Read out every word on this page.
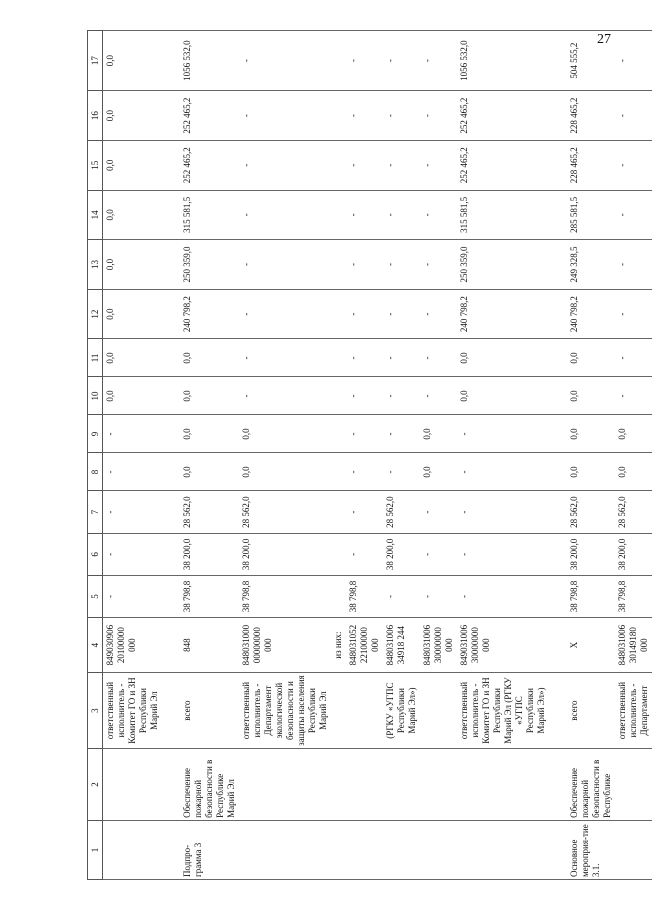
27
1	2	3	4	5	6	7	8	9	10	11	12	13	14	15	16	17
		ответственный исполнитель - Комитет ГО и ЗН Республики Марий Эл	849030906 20100000 000	-	-	-	-	-	0,0	0,0	0,0	0,0	0,0	0,0	0,0	0,0

Подпро-грамма 3	Обеспечение пожарной безопасности в Республике Марий Эл	всего	848	38 798,8	38 200,0	28 562,0	0,0	0,0	0,0	0,0	240 798,2	250 359,0	315 581,5	252 465,2	252 465,2	1056 532,0
		ответственный исполнитель - Департамент экологической безопасности и защиты населения Республики Марий Эл	848031000 00000000 000	38 798,8	38 200,0	28 562,0	0,0	0,0	-	-	-	-	-	-	-	-
			из них:													
			848031052 22100000 000	38 798,8	-	-	-	-	-	-	-	-	-	-	-	-
		(РГКУ «УГПС Республики Марий Эл»)	848031006 34918 244	-	38 200,0	28 562,0	-	-	-	-	-	-	-	-	-	-
			848031006 30000000 000	-	-	-	0,0	0,0	-	-	-	-	-	-	-	-
		ответственный исполнитель - Комитет ГО и ЗН Республики Марий Эл (РГКУ «УГПС Республики Марий Эл»)	849031006 30000000 000	-	-	-	-	-	0,0	0,0	240 798,2	250 359,0	315 581,5	252 465,2	252 465,2	1056 532,0

Основное мероприя-тие 3.1.	Обеспечение пожарной безопасности в Республике	всего	X	38 798,8	38 200,0	28 562,0	0,0	0,0	0,0	0,0	240 798,2	249 328,5	285 581,5	228 465,2	228 465,2	504 555,2
		ответственный исполнитель - Департамент	848031006 30149180 000	38 798,8	38 200,0	28 562,0	0,0	0,0	-	-	-	-	-	-	-	-
